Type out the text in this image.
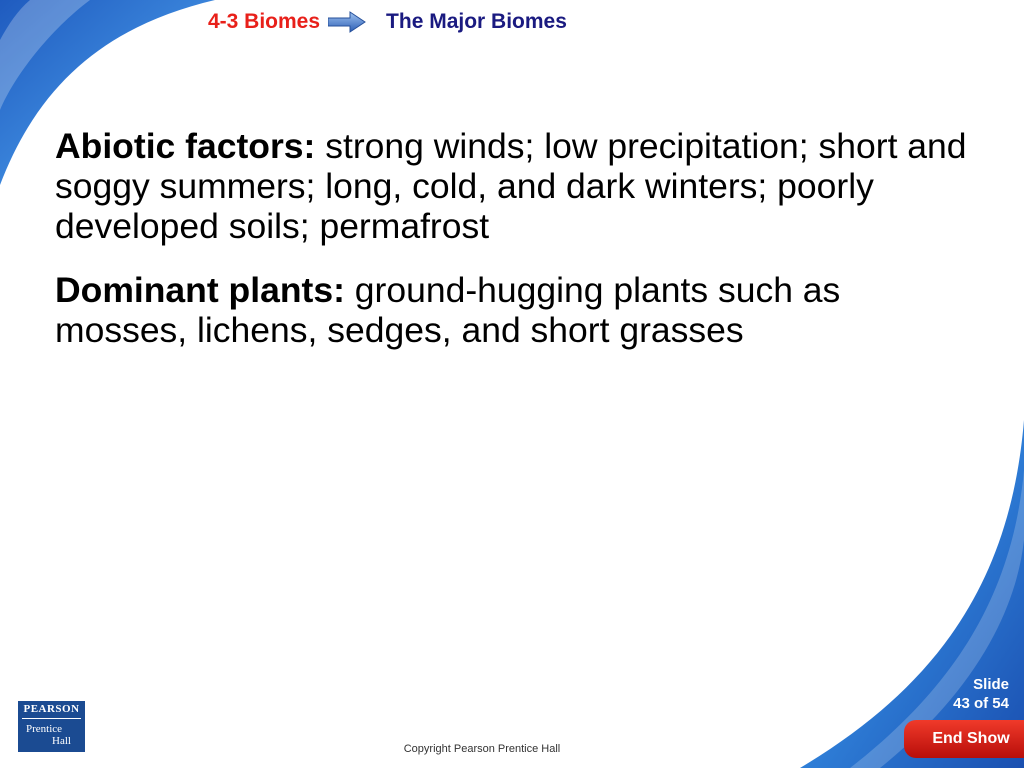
4-3 Biomes	The Major Biomes

Abiotic factors: strong winds; low precipitation; short and soggy summers; long, cold, and dark winters; poorly developed soils; permafrost

Dominant plants: ground-hugging plants such as mosses, lichens, sedges, and short grasses

PEARSON
Prentice
Hall
Copyright Pearson Prentice Hall
Slide
43 of 54
End Show
